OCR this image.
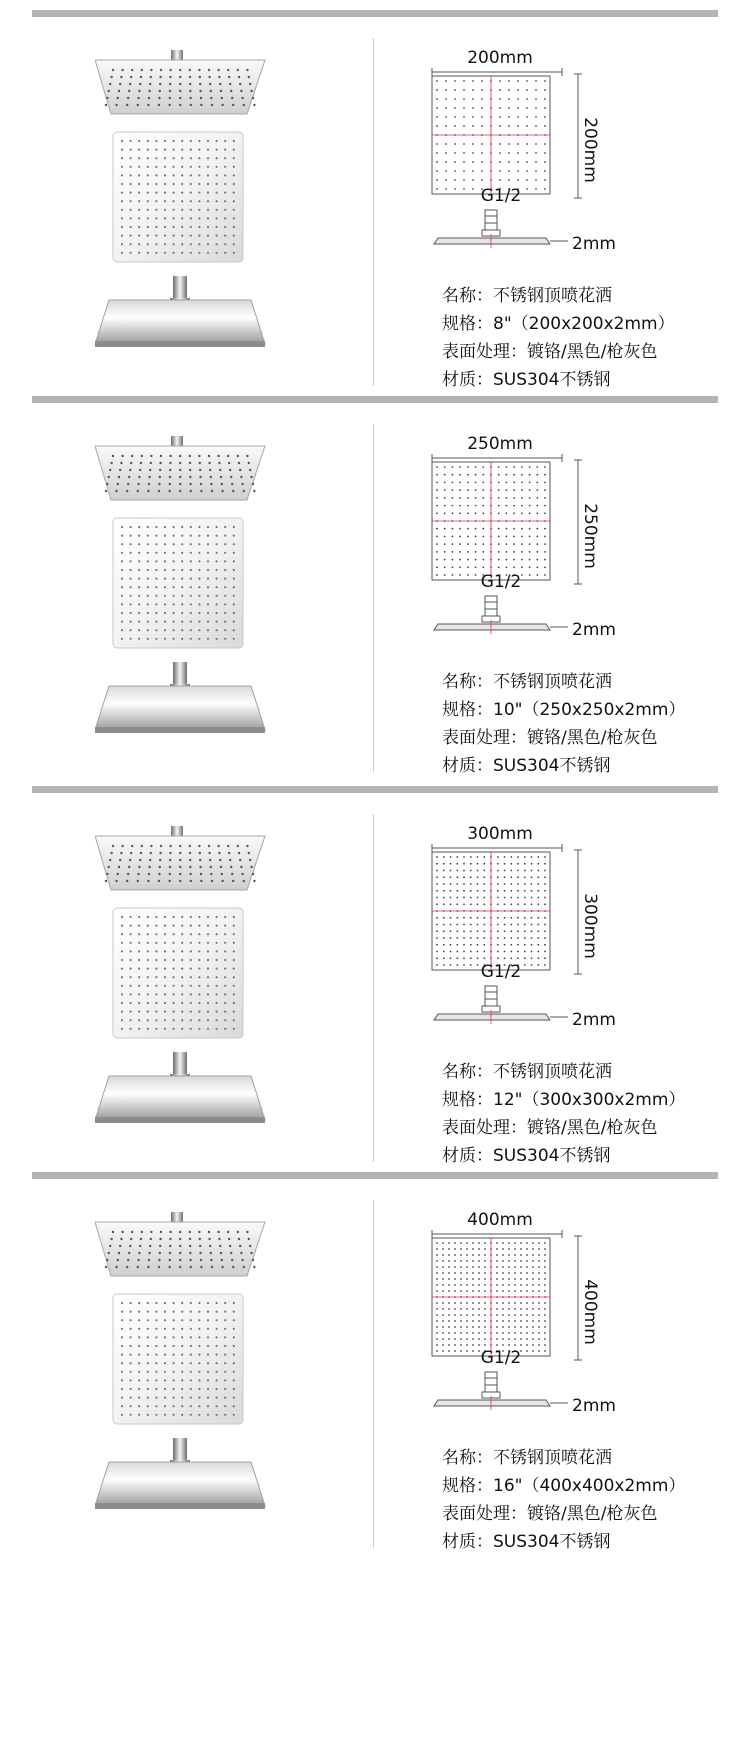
200mm
200mm
G1/2
2mm
名称：不锈钢顶喷花洒
规格：8"（200x200x2mm）
表面处理：镀铬/黑色/枪灰色
材质：SUS304不锈钢
250mm
250mm
G1/2
2mm
名称：不锈钢顶喷花洒
规格：10"（250x250x2mm）
表面处理：镀铬/黑色/枪灰色
材质：SUS304不锈钢
300mm
300mm
G1/2
2mm
名称：不锈钢顶喷花洒
规格：12"（300x300x2mm）
表面处理：镀铬/黑色/枪灰色
材质：SUS304不锈钢
400mm
400mm
G1/2
2mm
名称：不锈钢顶喷花洒
规格：16"（400x400x2mm）
表面处理：镀铬/黑色/枪灰色
材质：SUS304不锈钢
